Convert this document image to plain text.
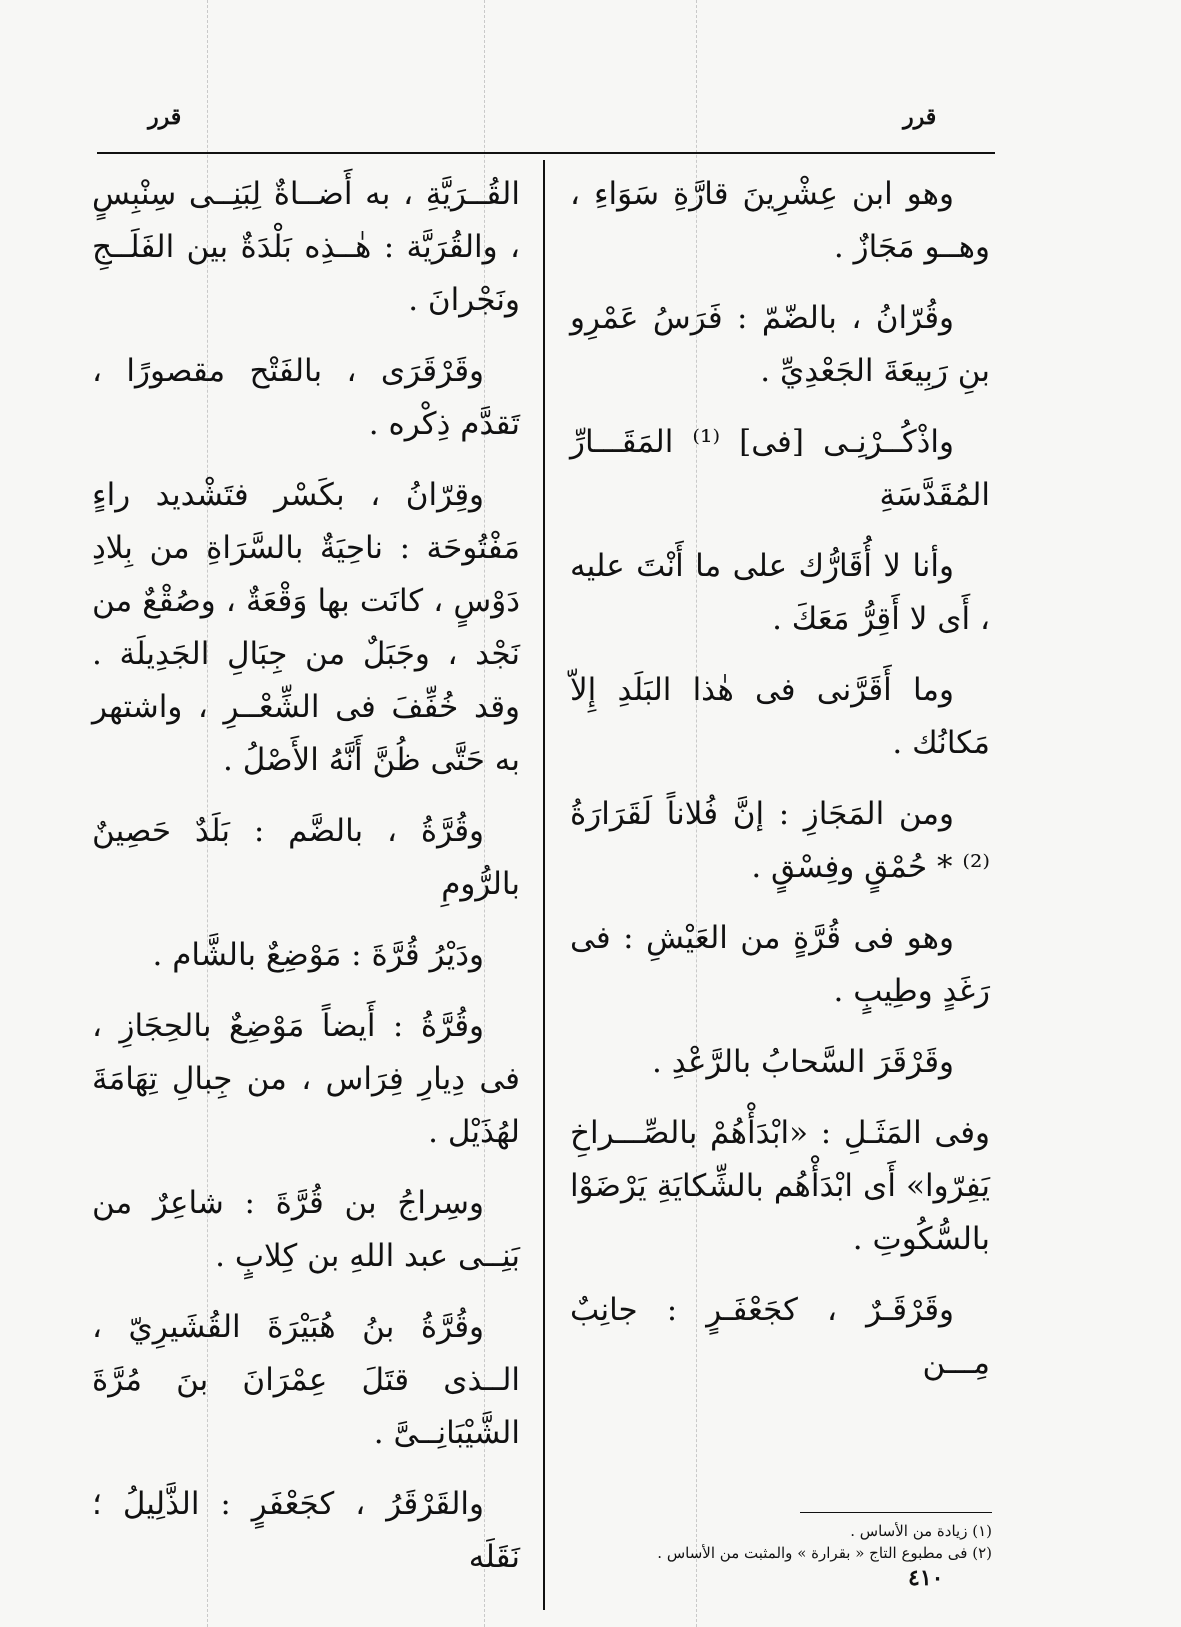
قرر	قرر

وهو ابن عِشْرِينَ قارَّةِ سَوَاءِ ، وهــو مَجَازٌ .

وقُرّانُ ، بالضّمّ : فَرَسُ عَمْرِو بنِ رَبِيعَةَ الجَعْدِيِّ .

واذْكُــرْنِـى [فى] ⁽¹⁾ المَقَـــارِّ المُقَدَّسَةِ

وأنا لا أُقَارُّك على ما أَنْتَ عليه ، أَى لا أَقِرُّ مَعَكَ .

وما أَقَرَّنى فى هٰذا البَلَدِ إِلاّ مَكانُك .

ومن المَجَازِ : إنَّ فُلاناً لَقَرَارَةُ ⁽²⁾ * حُمْقٍ وفِسْقٍ .

وهو فى قُرَّةٍ من العَيْشِ : فى رَغَدٍ وطِيبٍ .

وقَرْقَرَ السَّحابُ بالرَّعْدِ .

وفى المَثَـلِ : «ابْدَأْهُمْ بالصِّـــراخِ يَفِرّوا» أَى ابْدَأْهُم بالشِّكايَةِ يَرْضَوْا بالسُّكُوتِ .

وقَرْقَـرٌ ، كجَعْفَـرٍ : جانِبٌ مِـــن

القُــرَيَّةِ ، به أَضــاةٌ لِبَنِــى سِنْبِسٍ ، والقُرَيَّة : هٰــذِه بَلْدَةٌ بين الفَلَــجِ ونَجْرانَ .

وقَرْقَرَى ، بالفَتْح مقصورًا ، تَقدَّم ذِكْره .

وقِرّانُ ، بكَسْر فتَشْديد راءٍ مَفْتُوحَة : ناحِيَةٌ بالسَّرَاةِ من بِلادِ دَوْسٍ ، كانَت بها وَقْعَةٌ ، وصُقْعٌ من نَجْد ، وجَبَلٌ من جِبَالِ الجَدِيلَة . وقد خُفِّفَ فى الشِّعْــرِ ، واشتهر به حَتَّى ظُنَّ أَنَّهُ الأَصْلُ .

وقُرَّةُ ، بالضَّم : بَلَدٌ حَصِينٌ بالرُّومِ

ودَيْرُ قُرَّةَ : مَوْضِعٌ بالشَّام .

وقُرَّةُ : أَيضاً مَوْضِعٌ بالحِجَازِ ، فى دِيارِ فِرَاس ، من جِبالِ تِهَامَةَ لهُذَيْل .

وسِراجُ بن قُرَّةَ : شاعِرٌ من بَنِــى عبد اللهِ بن كِلابٍ .

وقُرَّةُ بنُ هُبَيْرَةَ القُشَيرِيّ ، الــذى قتَلَ عِمْرَانَ بنَ مُرَّةَ الشَّيْبَانِــىَّ .

والقَرْقَرُ ، كجَعْفَرٍ : الذَّلِيلُ ؛ نَقَلَه

(١) زيادة من الأساس .
(٢) فى مطبوع التاج « بقرارة » والمثبت من الأساس .
٤١٠
